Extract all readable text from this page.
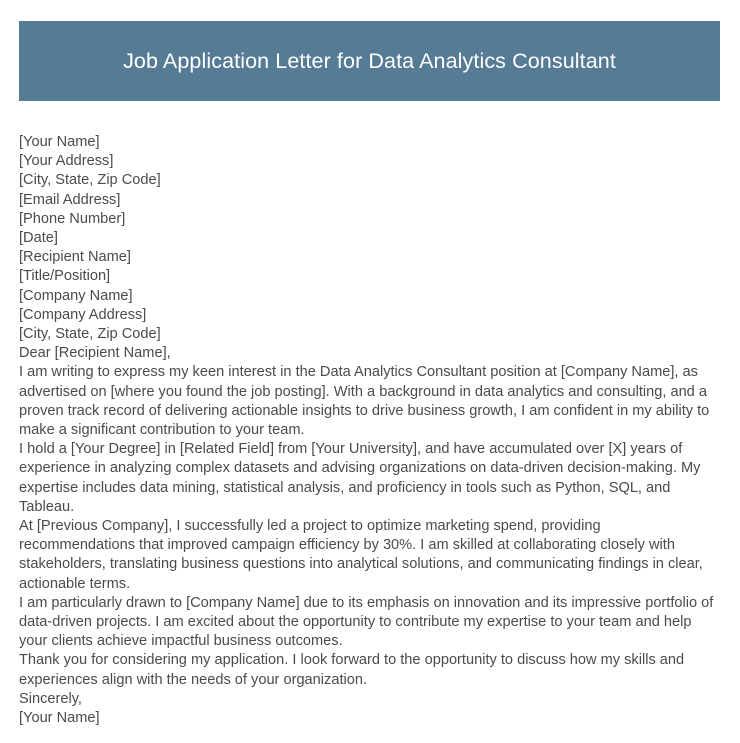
Job Application Letter for Data Analytics Consultant
[Your Name]
[Your Address]
[City, State, Zip Code]
[Email Address]
[Phone Number]
[Date]
[Recipient Name]
[Title/Position]
[Company Name]
[Company Address]
[City, State, Zip Code]
Dear [Recipient Name],

I am writing to express my keen interest in the Data Analytics Consultant position at [Company Name], as advertised on [where you found the job posting]. With a background in data analytics and consulting, and a proven track record of delivering actionable insights to drive business growth, I am confident in my ability to make a significant contribution to your team.

I hold a [Your Degree] in [Related Field] from [Your University], and have accumulated over [X] years of experience in analyzing complex datasets and advising organizations on data-driven decision-making. My expertise includes data mining, statistical analysis, and proficiency in tools such as Python, SQL, and Tableau.

At [Previous Company], I successfully led a project to optimize marketing spend, providing recommendations that improved campaign efficiency by 30%. I am skilled at collaborating closely with stakeholders, translating business questions into analytical solutions, and communicating findings in clear, actionable terms.

I am particularly drawn to [Company Name] due to its emphasis on innovation and its impressive portfolio of data-driven projects. I am excited about the opportunity to contribute my expertise to your team and help your clients achieve impactful business outcomes.

Thank you for considering my application. I look forward to the opportunity to discuss how my skills and experiences align with the needs of your organization.

Sincerely,
[Your Name]
